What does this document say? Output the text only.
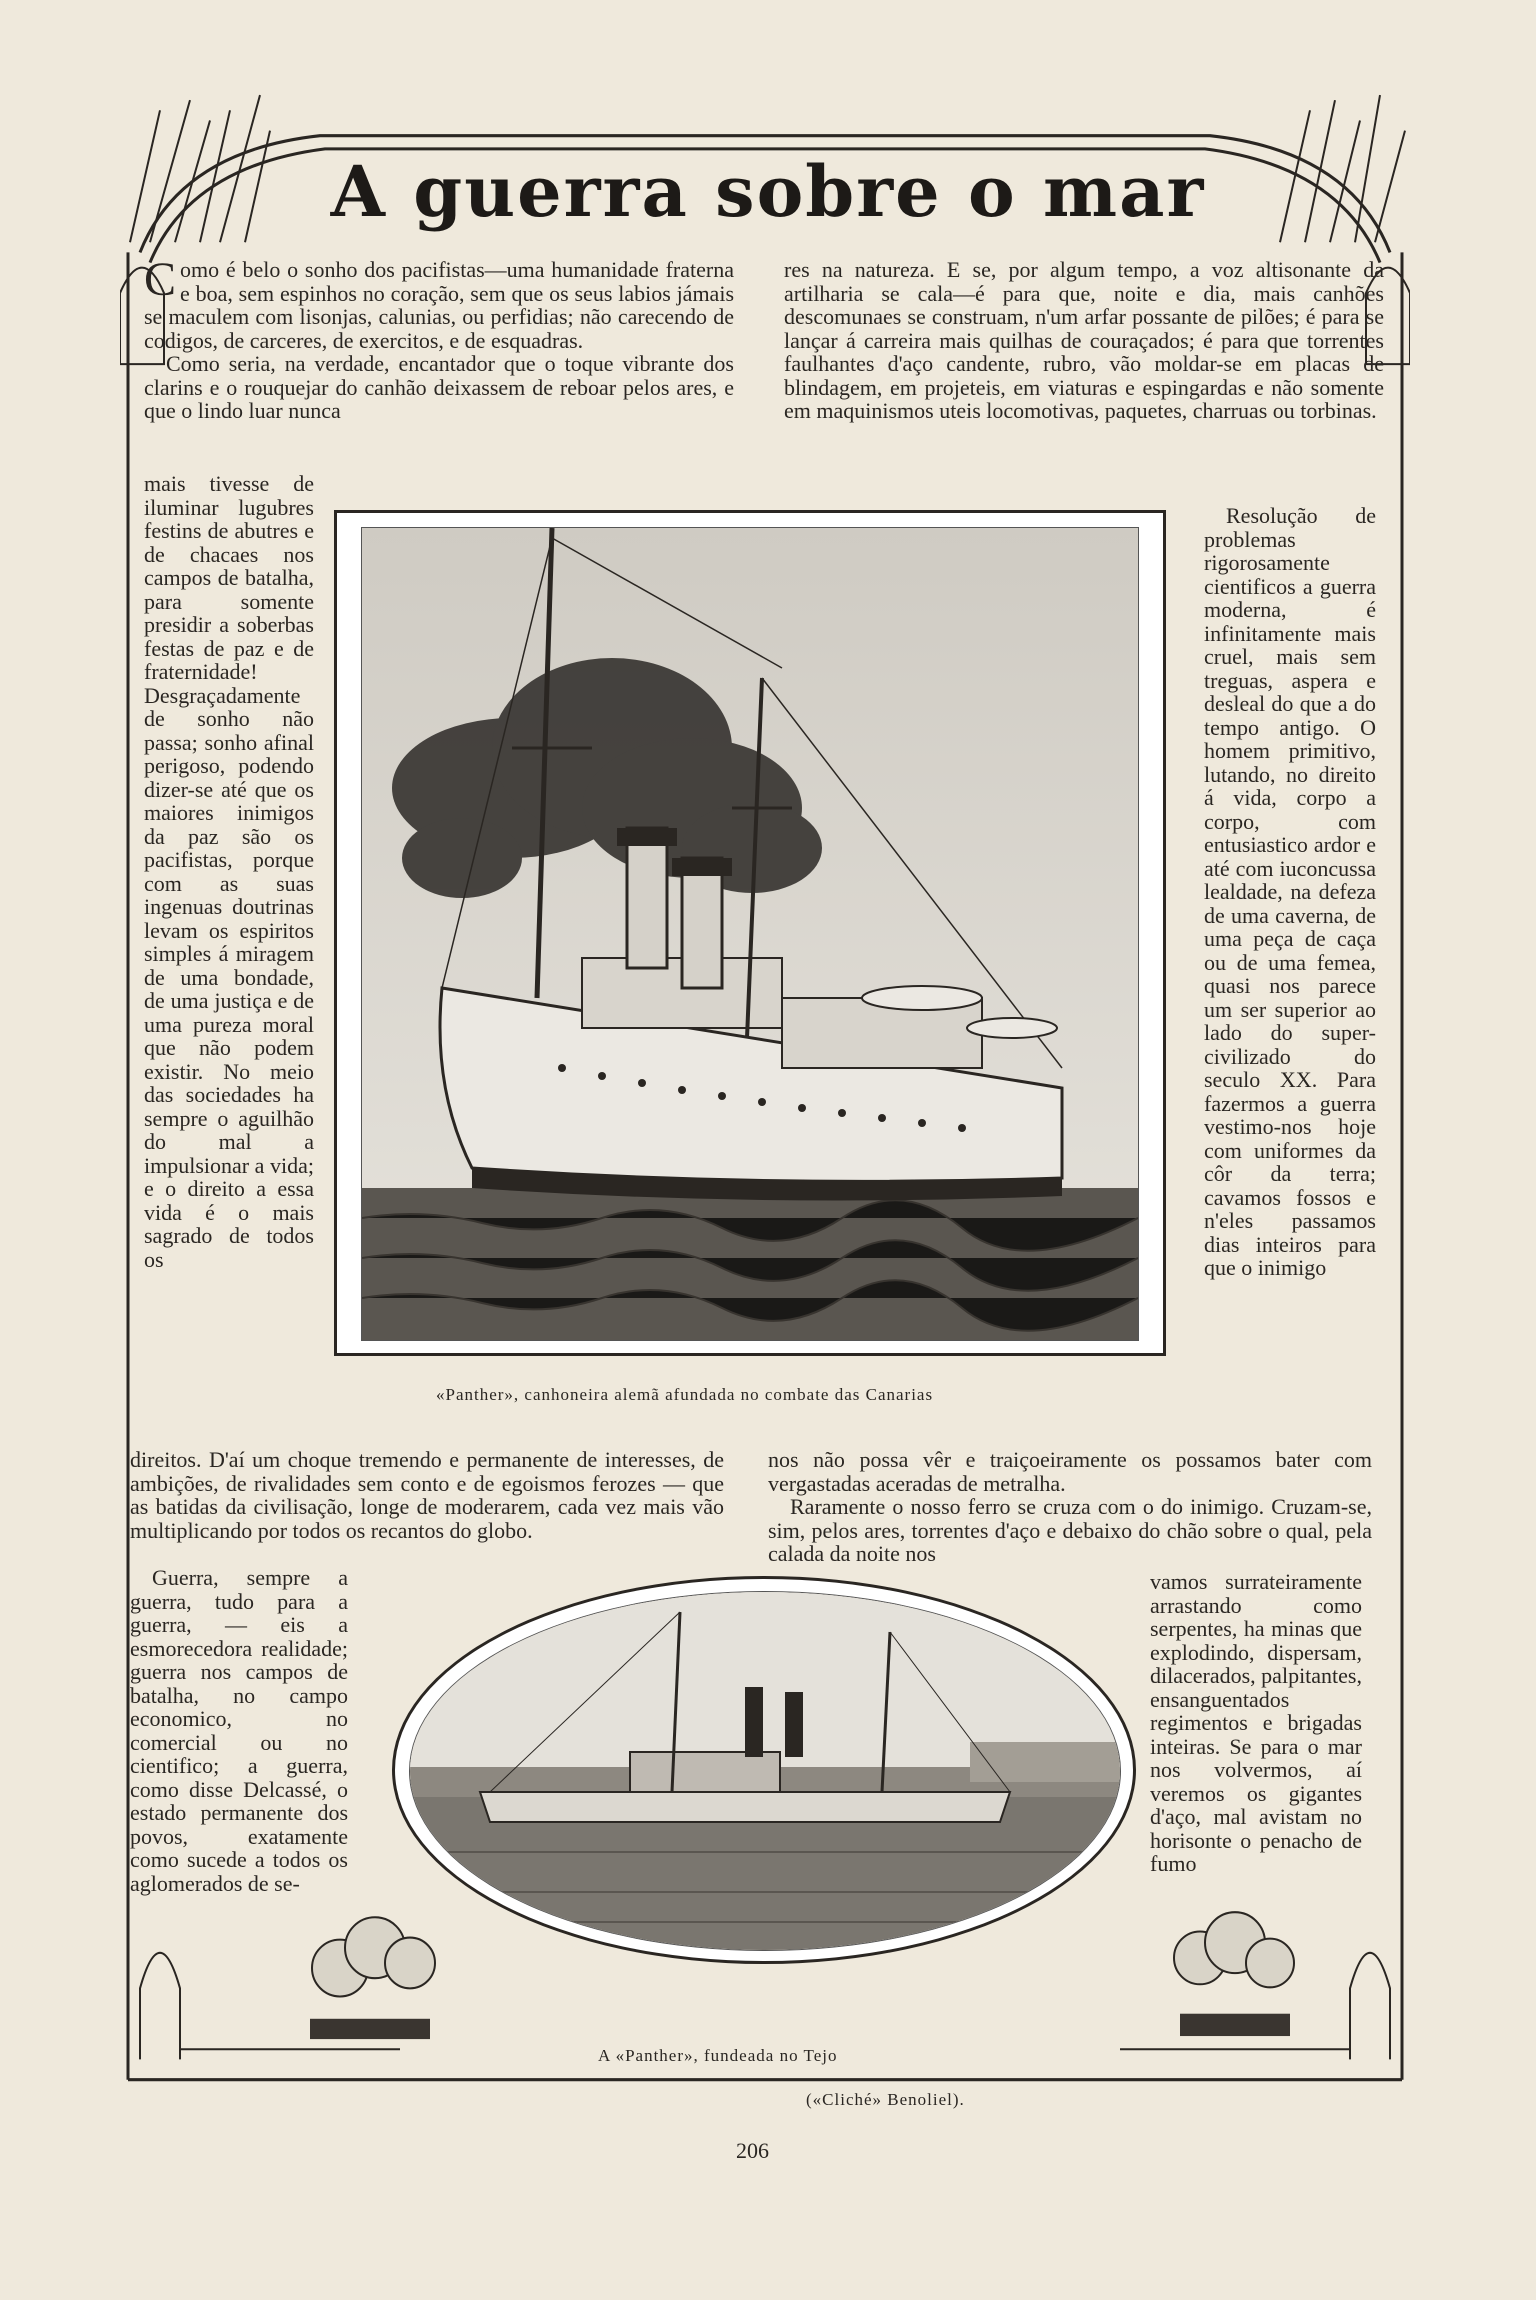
A guerra sobre o mar

Como é belo o sonho dos pacifistas—uma humanidade fraterna e boa, sem espinhos no coração, sem que os seus labios jámais se maculem com lisonjas, calunias, ou perfidias; não carecendo de codigos, de carceres, de exercitos, e de esquadras.

Como seria, na verdade, encantador que o toque vibrante dos clarins e o rouquejar do canhão deixassem de reboar pelos ares, e que o lindo luar nunca

res na natureza. E se, por algum tempo, a voz altisonante da artilharia se cala—é para que, noite e dia, mais canhões descomunaes se construam, n'um arfar possante de pilões; é para se lançar á carreira mais quilhas de couraçados; é para que torrentes faulhantes d'aço candente, rubro, vão moldar-se em placas de blindagem, em projeteis, em viaturas e espingardas e não somente em maquinismos uteis locomotivas, paquetes, charruas ou torbinas.

mais tivesse de iluminar lugubres festins de abutres e de chacaes nos campos de batalha, para somente presidir a soberbas festas de paz e de fraternidade! Desgraçadamente de sonho não passa; sonho afinal perigoso, podendo dizer-se até que os maiores inimigos da paz são os pacifistas, porque com as suas ingenuas doutrinas levam os espiritos simples á miragem de uma bondade, de uma justiça e de uma pureza moral que não podem existir. No meio das sociedades ha sempre o aguilhão do mal a impulsionar a vida; e o direito a essa vida é o mais sagrado de todos os

Resolução de problemas rigorosamente cientificos a guerra moderna, é infinitamente mais cruel, mais sem treguas, aspera e desleal do que a do tempo antigo. O homem primitivo, lutando, no direito á vida, corpo a corpo, com entusiastico ardor e até com iuconcussa lealdade, na defeza de uma caverna, de uma peça de caça ou de uma femea, quasi nos parece um ser superior ao lado do super-civilizado do seculo XX. Para fazermos a guerra vestimo-nos hoje com uniformes da côr da terra; cavamos fossos e n'eles passamos dias inteiros para que o inimigo

«Panther», canhoneira alemã afundada no combate das Canarias

direitos. D'aí um choque tremendo e permanente de interesses, de ambições, de rivalidades sem conto e de egoismos ferozes — que as batidas da civilisação, longe de moderarem, cada vez mais vão multiplicando por todos os recantos do globo.

nos não possa vêr e traiçoeiramente os possamos bater com vergastadas aceradas de metralha.

Raramente o nosso ferro se cruza com o do inimigo. Cruzam-se, sim, pelos ares, torrentes d'aço e debaixo do chão sobre o qual, pela calada da noite nos

Guerra, sempre a guerra, tudo para a guerra, — eis a esmorecedora realidade; guerra nos campos de batalha, no campo economico, no comercial ou no cientifico; a guerra, como disse Delcassé, o estado permanente dos povos, exatamente como sucede a todos os aglomerados de se-

vamos surrateiramente arrastando como serpentes, ha minas que explodindo, dispersam, dilacerados, palpitantes, ensanguentados regimentos e brigadas inteiras. Se para o mar nos volvermos, aí veremos os gigantes d'aço, mal avistam no horisonte o penacho de fumo

A «Panther», fundeada no Tejo
(«Cliché» Benoliel).
206
